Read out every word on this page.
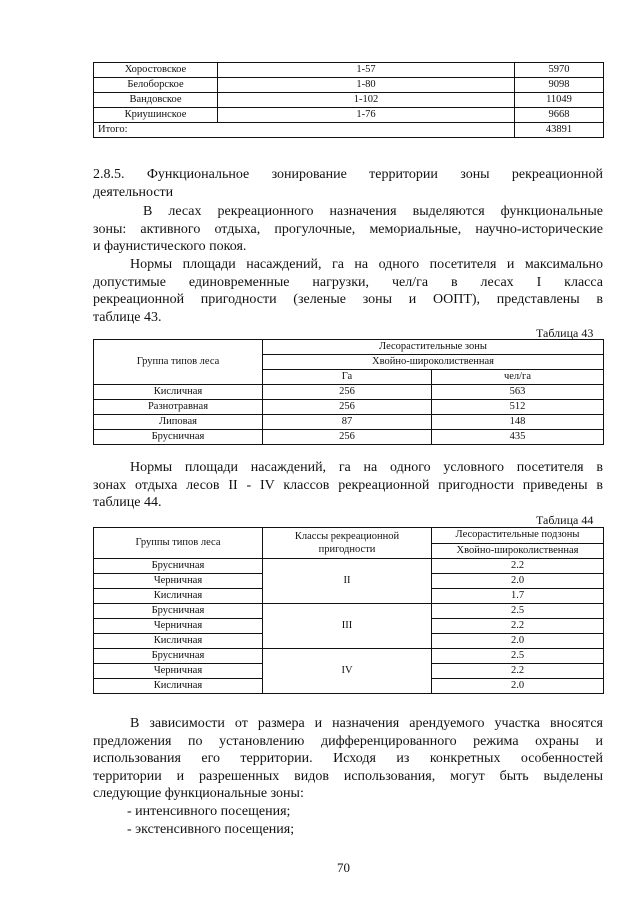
Хоростовское	1-57	5970
Белоборское	1-80	9098
Вандовское	1-102	11049
Криушинское	1-76	9668
Итого:		43891
2.8.5. Функциональное зонирование территории зоны рекреационной
деятельности
В лесах рекреационного назначения выделяются функциональные
зоны: активного отдыха, прогулочные, мемориальные, научно-исторические
и фаунистического покоя.
Нормы площади насаждений, га на одного посетителя и максимально
допустимые единовременные нагрузки, чел/га в лесах I класса
рекреационной пригодности (зеленые зоны и ООПТ), представлены в
таблице 43.
Таблица 43
Группа типов леса	Лесорастительные зоны	
	Хвойно-широколиственная	
	Га	чел/га
Кисличная	256	563
Разнотравная	256	512
Липовая	87	148
Брусничная	256	435
Нормы площади насаждений, га на одного условного посетителя в
зонах отдыха лесов II - IV классов рекреационной пригодности приведены в
таблице 44.
Таблица 44
Группы типов леса	Классы рекреационной пригодности	Лесорастительные подзоны
		Хвойно-широколиственная
Брусничная	II	2.2
Черничная		2.0
Кисличная		1.7
Брусничная	III	2.5
Черничная		2.2
Кисличная		2.0
Брусничная	IV	2.5
Черничная		2.2
Кисличная		2.0
В зависимости от размера и назначения арендуемого участка вносятся
предложения по установлению дифференцированного режима охраны и
использования его территории. Исходя из конкретных особенностей
территории и разрешенных видов использования, могут быть выделены
следующие функциональные зоны:
- интенсивного посещения;
- экстенсивного посещения;
70
